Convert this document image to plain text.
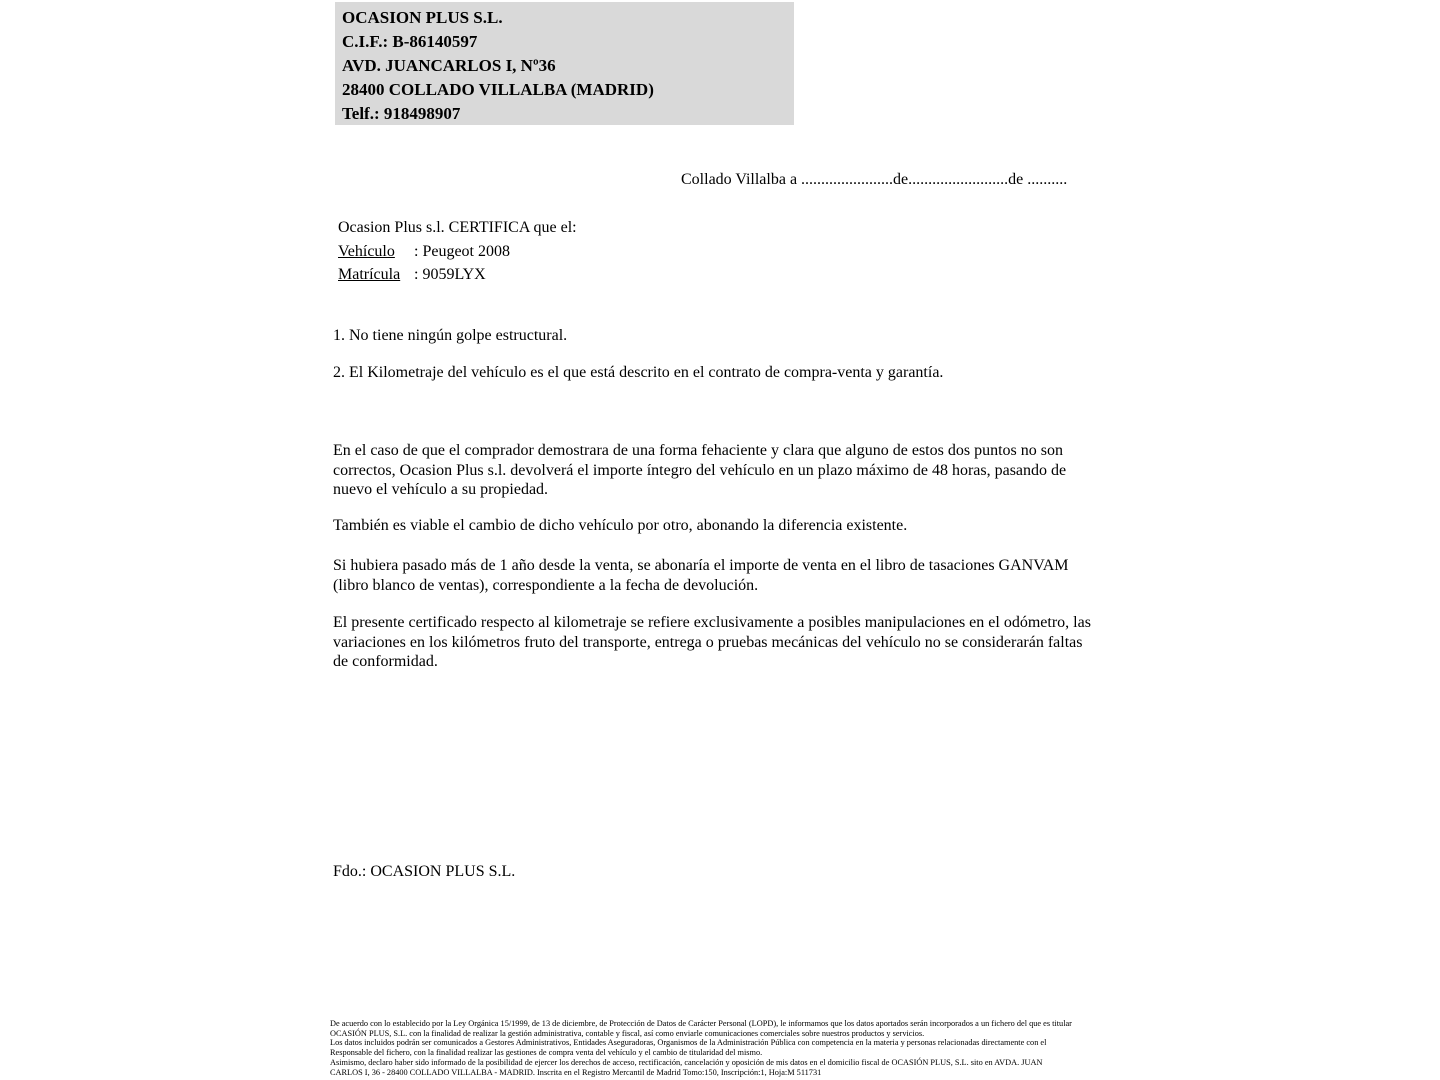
OCASION PLUS S.L.
C.I.F.: B-86140597
AVD. JUANCARLOS I, Nº36
28400 COLLADO VILLALBA (MADRID)
Telf.: 918498907
Collado Villalba a .......................de.........................de ..........
Ocasion Plus s.l. CERTIFICA que el:
Vehículo : Peugeot 2008
Matrícula : 9059LYX

1. No tiene ningún golpe estructural.

2. El Kilometraje del vehículo es el que está descrito en el contrato de compra-venta y garantía.

En el caso de que el comprador demostrara de una forma fehaciente y clara que alguno de estos dos puntos no son correctos, Ocasion Plus s.l. devolverá el importe íntegro del vehículo en un plazo máximo de 48 horas, pasando de nuevo el vehículo a su propiedad.

También es viable el cambio de dicho vehículo por otro, abonando la diferencia existente.

Si hubiera pasado más de 1 año desde la venta, se abonaría el importe de venta en el libro de tasaciones GANVAM (libro blanco de ventas), correspondiente a la fecha de devolución.

El presente certificado respecto al kilometraje se refiere exclusivamente a posibles manipulaciones en el odómetro, las variaciones en los kilómetros fruto del transporte, entrega o pruebas mecánicas del vehículo no se considerarán faltas de conformidad.

Fdo.: OCASION PLUS S.L.
De acuerdo con lo establecido por la Ley Orgánica 15/1999, de 13 de diciembre, de Protección de Datos de Carácter Personal (LOPD), le informamos que los datos aportados serán incorporados a un fichero del que es titular
OCASIÓN PLUS, S.L. con la finalidad de realizar la gestión administrativa, contable y fiscal, así como enviarle comunicaciones comerciales sobre nuestros productos y servicios.
Los datos incluidos podrán ser comunicados a Gestores Administrativos, Entidades Aseguradoras, Organismos de la Administración Pública con competencia en la materia y personas relacionadas directamente con el
Responsable del fichero, con la finalidad realizar las gestiones de compra venta del vehículo y el cambio de titularidad del mismo.
Asimismo, declaro haber sido informado de la posibilidad de ejercer los derechos de acceso, rectificación, cancelación y oposición de mis datos en el domicilio fiscal de OCASIÓN PLUS, S.L. sito en AVDA. JUAN
CARLOS I, 36 - 28400 COLLADO VILLALBA - MADRID. Inscrita en el Registro Mercantil de Madrid Tomo:150, Inscripción:1, Hoja:M 511731
